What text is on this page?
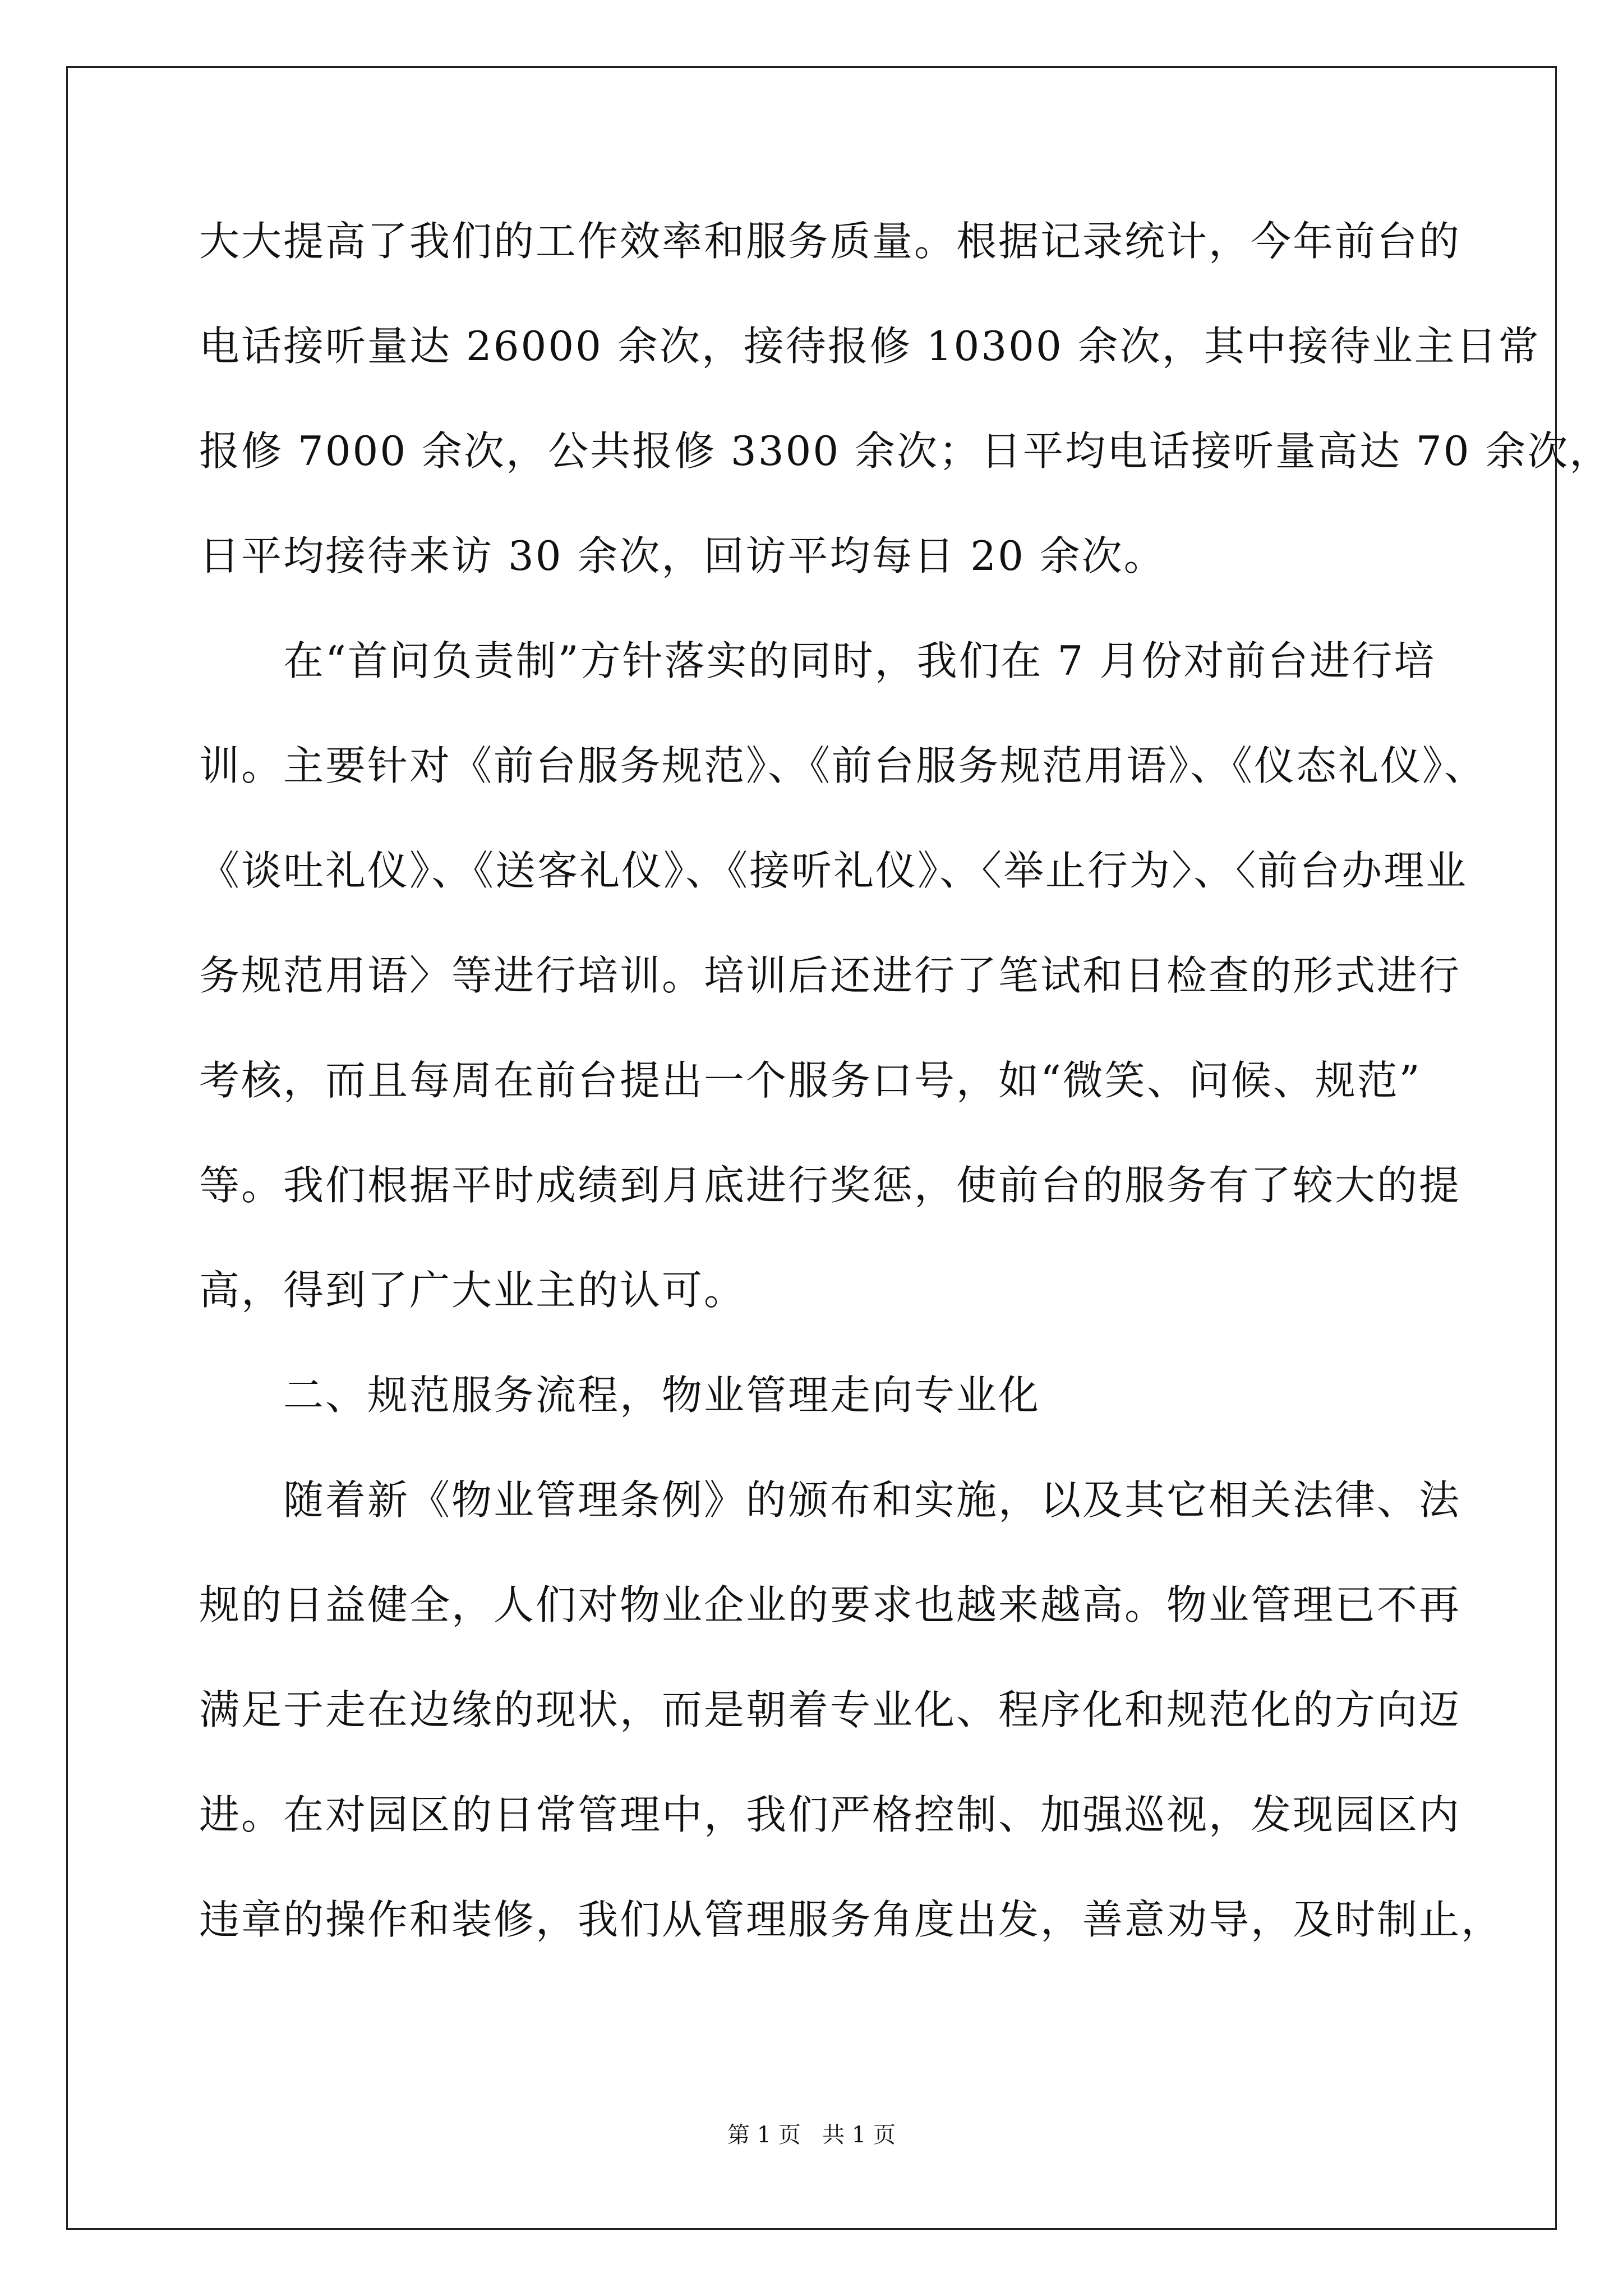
大大提高了我们的工作效率和服务质量。根据记录统计，今年前台的
电话接听量达 26000 余次，接待报修 10300 余次，其中接待业主日常
报修 7000 余次，公共报修 3300 余次；日平均电话接听量高达 70 余次，
日平均接待来访 30 余次，回访平均每日 20 余次。
在“首问负责制”方针落实的同时，我们在 7 月份对前台进行培
训。主要针对《前台服务规范》、《前台服务规范用语》、《仪态礼仪》、
《谈吐礼仪》、《送客礼仪》、《接听礼仪》、〈举止行为〉、〈前台办理业
务规范用语〉等进行培训。培训后还进行了笔试和日检查的形式进行
考核，而且每周在前台提出一个服务口号，如“微笑、问候、规范”
等。我们根据平时成绩到月底进行奖惩，使前台的服务有了较大的提
高，得到了广大业主的认可。
二、规范服务流程，物业管理走向专业化
随着新《物业管理条例》的颁布和实施，以及其它相关法律、法
规的日益健全，人们对物业企业的要求也越来越高。物业管理已不再
满足于走在边缘的现状，而是朝着专业化、程序化和规范化的方向迈
进。在对园区的日常管理中，我们严格控制、加强巡视，发现园区内
违章的操作和装修，我们从管理服务角度出发，善意劝导，及时制止，
第 1 页   共 1 页
